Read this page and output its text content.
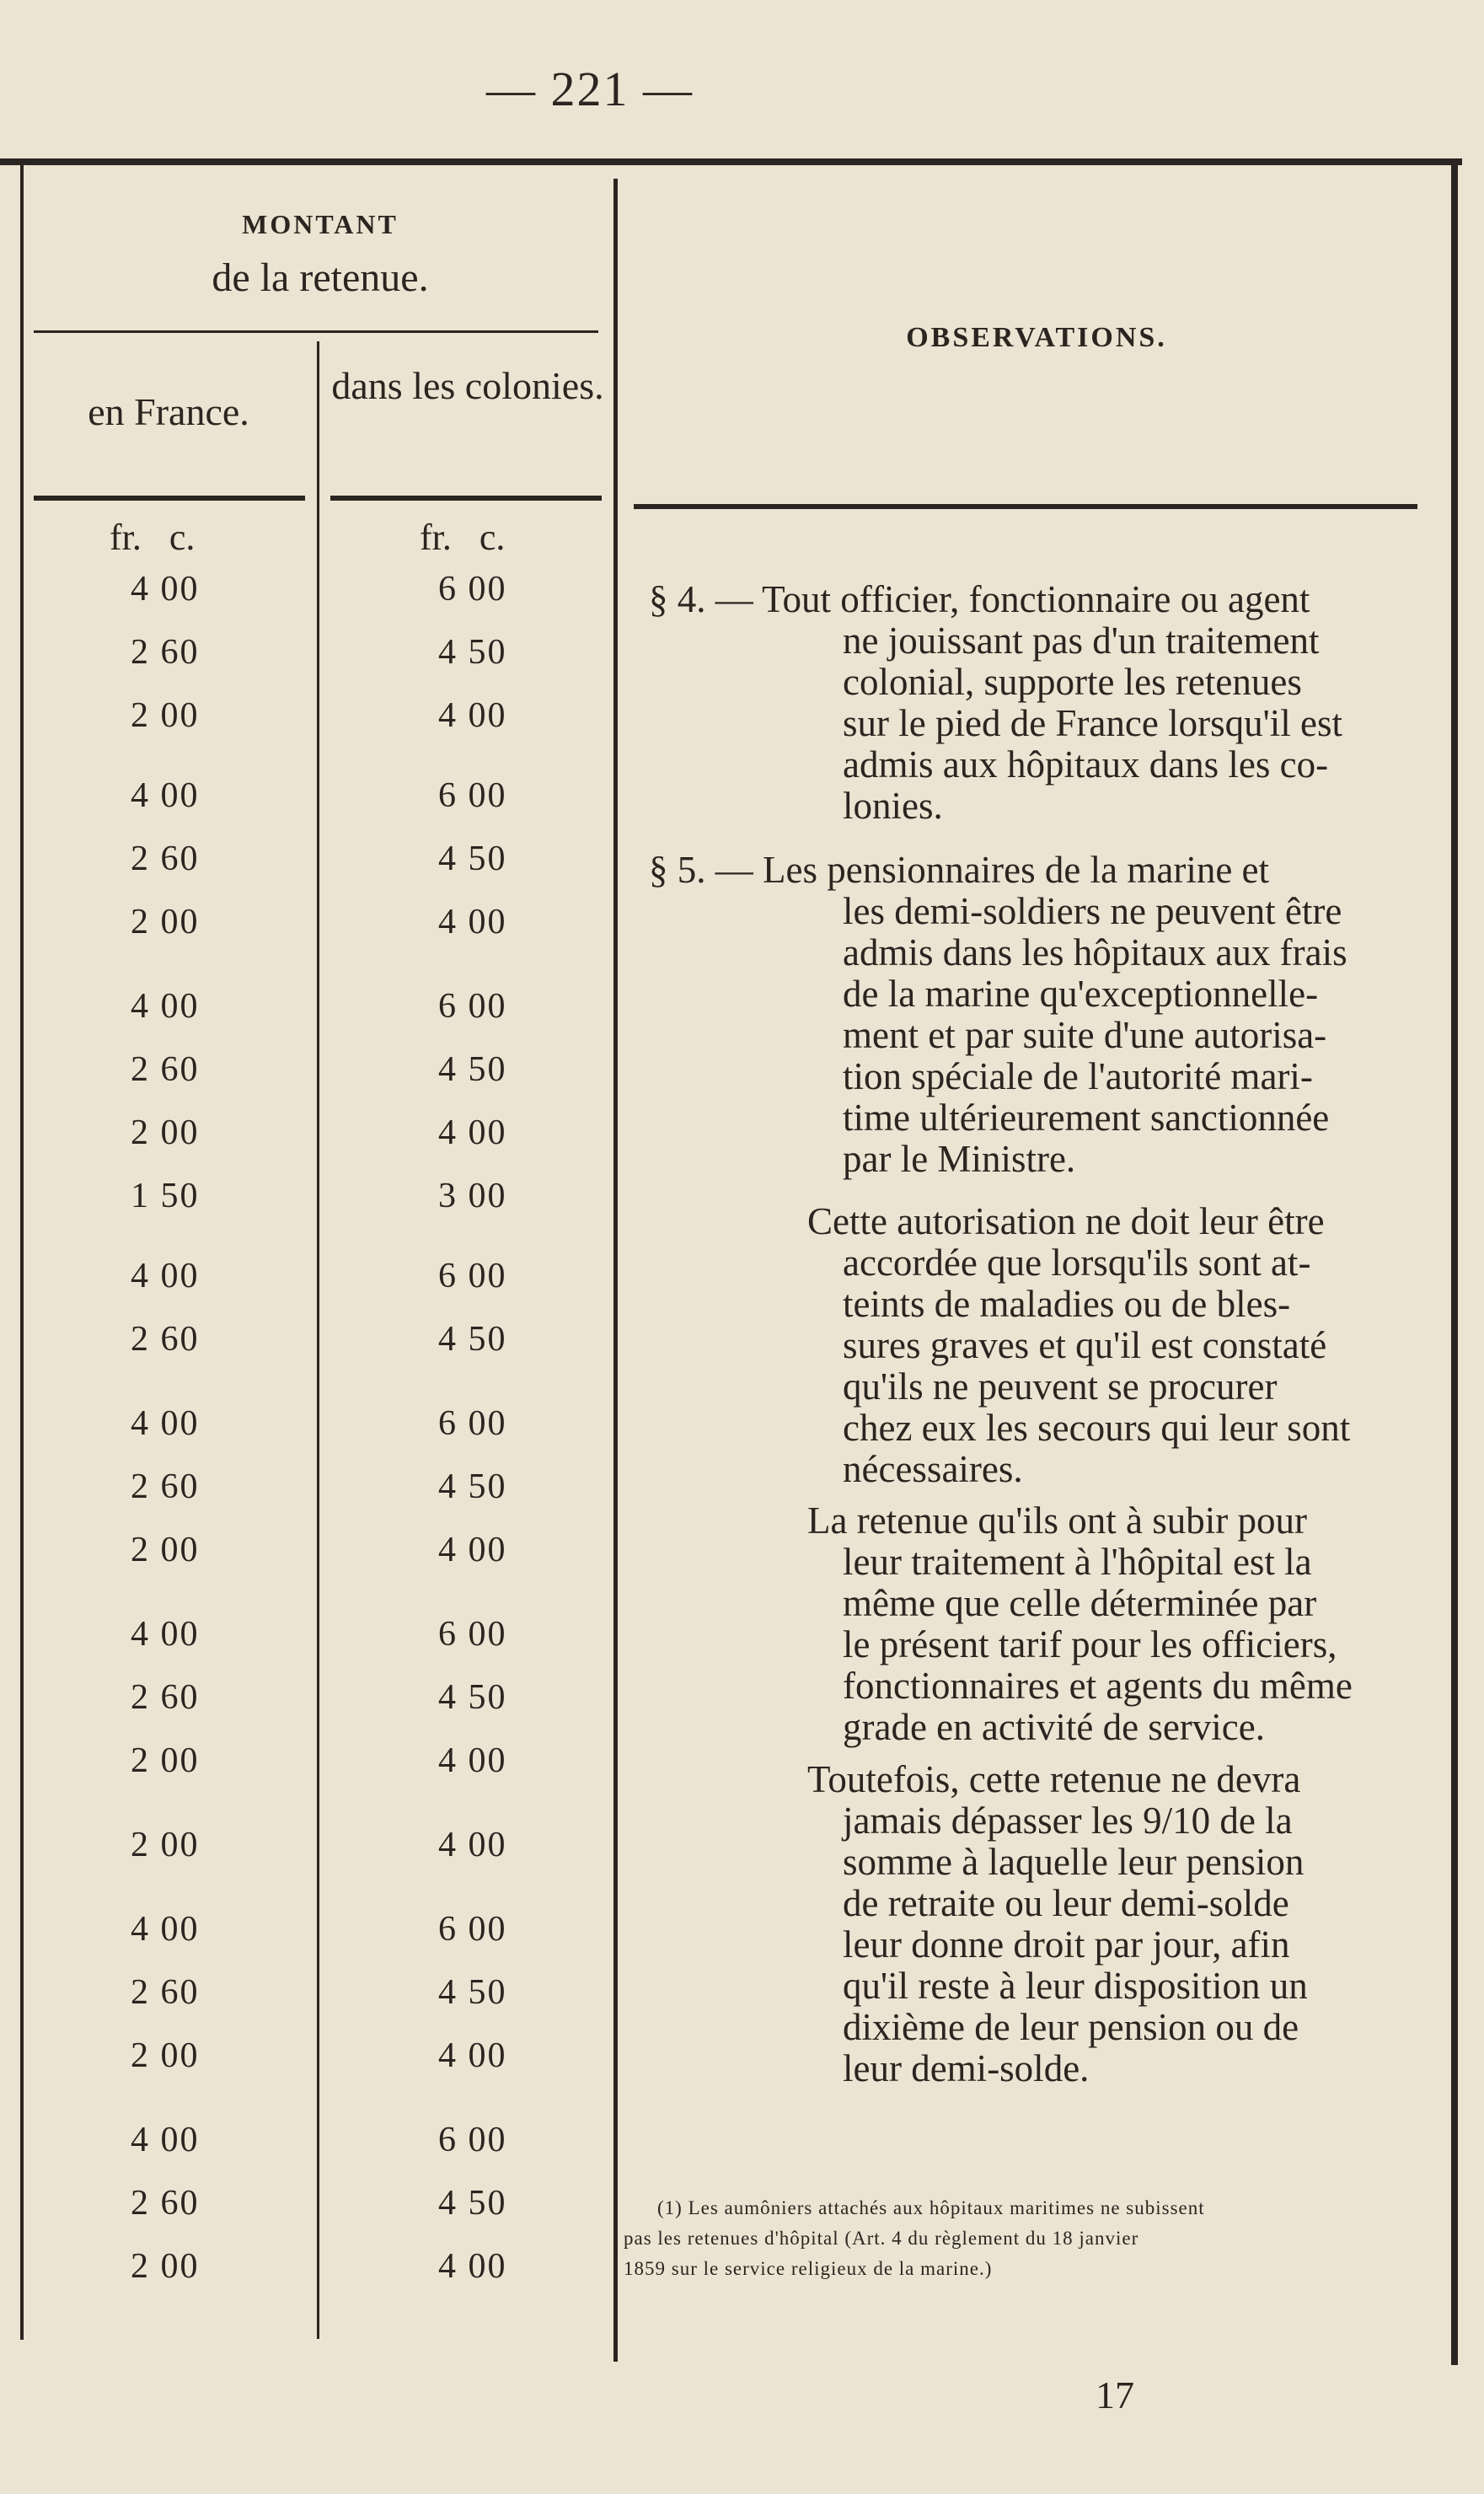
— 221 —
MONTANT
de la retenue.
en France.
dans les colonies.
OBSERVATIONS.
fr.   c.	fr.   c.
4 00	6 00
2 60	4 50
2 00	4 00
4 00	6 00
2 60	4 50
2 00	4 00
4 00	6 00
2 60	4 50
2 00	4 00
1 50	3 00
4 00	6 00
2 60	4 50
4 00	6 00
2 60	4 50
2 00	4 00
4 00	6 00
2 60	4 50
2 00	4 00
2 00	4 00
4 00	6 00
2 60	4 50
2 00	4 00
4 00	6 00
2 60	4 50
2 00	4 00
§ 4. — Tout officier, fonctionnaire ou agent
ne jouissant pas d'un traitement
colonial, supporte les retenues
sur le pied de France lorsqu'il est
admis aux hôpitaux dans les co-
lonies.
§ 5. — Les pensionnaires de la marine et
les demi-soldiers ne peuvent être
admis dans les hôpitaux aux frais
de la marine qu'exceptionnelle-
ment et par suite d'une autorisa-
tion spéciale de l'autorité mari-
time ultérieurement sanctionnée
par le Ministre.
Cette autorisation ne doit leur être
accordée que lorsqu'ils sont at-
teints de maladies ou de bles-
sures graves et qu'il est constaté
qu'ils ne peuvent se procurer
chez eux les secours qui leur sont
nécessaires.
La retenue qu'ils ont à subir pour
leur traitement à l'hôpital est la
même que celle déterminée par
le présent tarif pour les officiers,
fonctionnaires et agents du même
grade en activité de service.
Toutefois, cette retenue ne devra
jamais dépasser les 9/10 de la
somme à laquelle leur pension
de retraite ou leur demi-solde
leur donne droit par jour, afin
qu'il reste à leur disposition un
dixième de leur pension ou de
leur demi-solde.
(1) Les aumôniers attachés aux hôpitaux maritimes ne subissent
pas les retenues d'hôpital (Art. 4 du règlement du 18 janvier
1859 sur le service religieux de la marine.)
17
